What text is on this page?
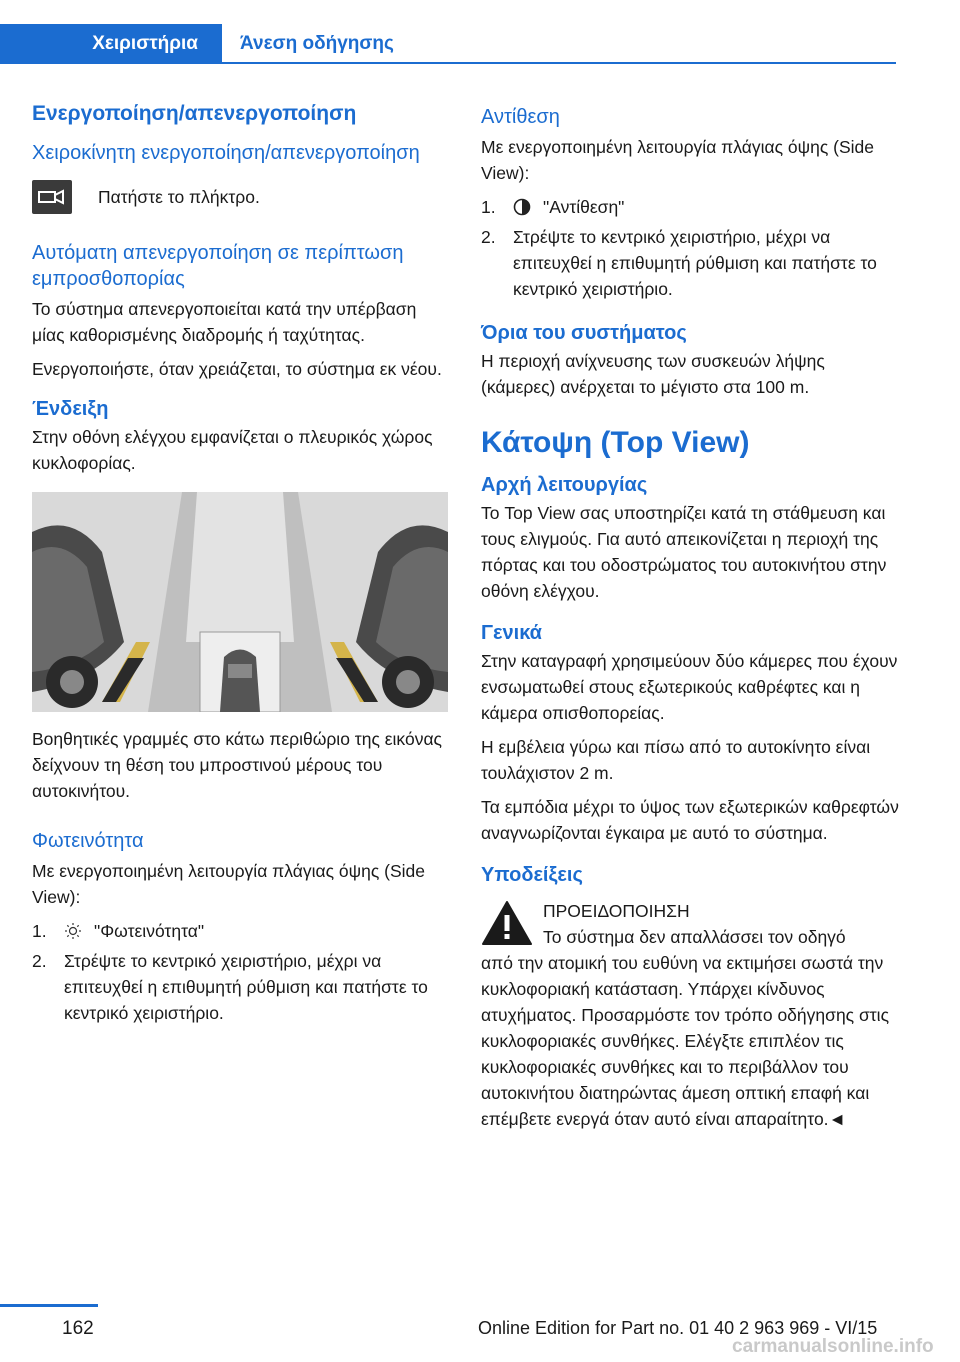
Χειριστήρια	Άνεση οδήγησης
Ενεργοποίηση/απενεργοποίηση
Χειροκίνητη ενεργοποίηση/απενεργοποίηση

Πατήστε το πλήκτρο.

Αυτόματη απενεργοποίηση σε περίπτωση εμπροσθοπορίας

Το σύστημα απενεργοποιείται κατά την υπέρβαση μίας καθορισμένης διαδρομής ή ταχύτητας.

Ενεργοποιήστε, όταν χρειάζεται, το σύστημα εκ νέου.

Ένδειξη

Στην οθόνη ελέγχου εμφανίζεται ο πλευρικός χώρος κυκλοφορίας.

Βοηθητικές γραμμές στο κάτω περιθώριο της εικόνας δείχνουν τη θέση του μπροστινού μέρους του αυτοκινήτου.

Φωτεινότητα

Με ενεργοποιημένη λειτουργία πλάγιας όψης (Side View):

1.	"Φωτεινότητα"
2. Στρέψτε το κεντρικό χειριστήριο, μέχρι να επιτευχθεί η επιθυμητή ρύθμιση και πατήστε το κεντρικό χειριστήριο.
Αντίθεση

Με ενεργοποιημένη λειτουργία πλάγιας όψης (Side View):

1.	"Αντίθεση"
2. Στρέψτε το κεντρικό χειριστήριο, μέχρι να επιτευχθεί η επιθυμητή ρύθμιση και πατήστε το κεντρικό χειριστήριο.
Όρια του συστήματος

Η περιοχή ανίχνευσης των συσκευών λήψης (κάμερες) ανέρχεται το μέγιστο στα 100 m.

Κάτοψη (Top View)
Αρχή λειτουργίας

Το Top View σας υποστηρίζει κατά τη στάθμευση και τους ελιγμούς. Για αυτό απεικονίζεται η περιοχή της πόρτας και του οδοστρώματος του αυτοκινήτου στην οθόνη ελέγχου.

Γενικά

Στην καταγραφή χρησιμεύουν δύο κάμερες που έχουν ενσωματωθεί στους εξωτερικούς καθρέφτες και η κάμερα οπισθοπορείας.

Η εμβέλεια γύρω και πίσω από το αυτοκίνητο είναι τουλάχιστον 2 m.

Τα εμπόδια μέχρι το ύψος των εξωτερικών καθρεφτών αναγνωρίζονται έγκαιρα με αυτό το σύστημα.

Υποδείξεις
ΠΡΟΕΙΔΟΠΟΙΗΣΗ
Το σύστημα δεν απαλλάσσει τον οδηγό
από την ατομική του ευθύνη να εκτιμήσει σωστά την κυκλοφοριακή κατάσταση. Υπάρχει κίνδυνος ατυχήματος. Προσαρμόστε τον τρόπο οδήγησης στις κυκλοφοριακές συνθήκες. Ελέγξτε επιπλέον τις κυκλοφοριακές συνθήκες και το περιβάλλον του αυτοκινήτου διατηρώντας άμεση οπτική επαφή και επέμβετε ενεργά όταν αυτό είναι απαραίτητο.◄
162	Online Edition for Part no. 01 40 2 963 969 - VI/15
carmanualsonline.info
